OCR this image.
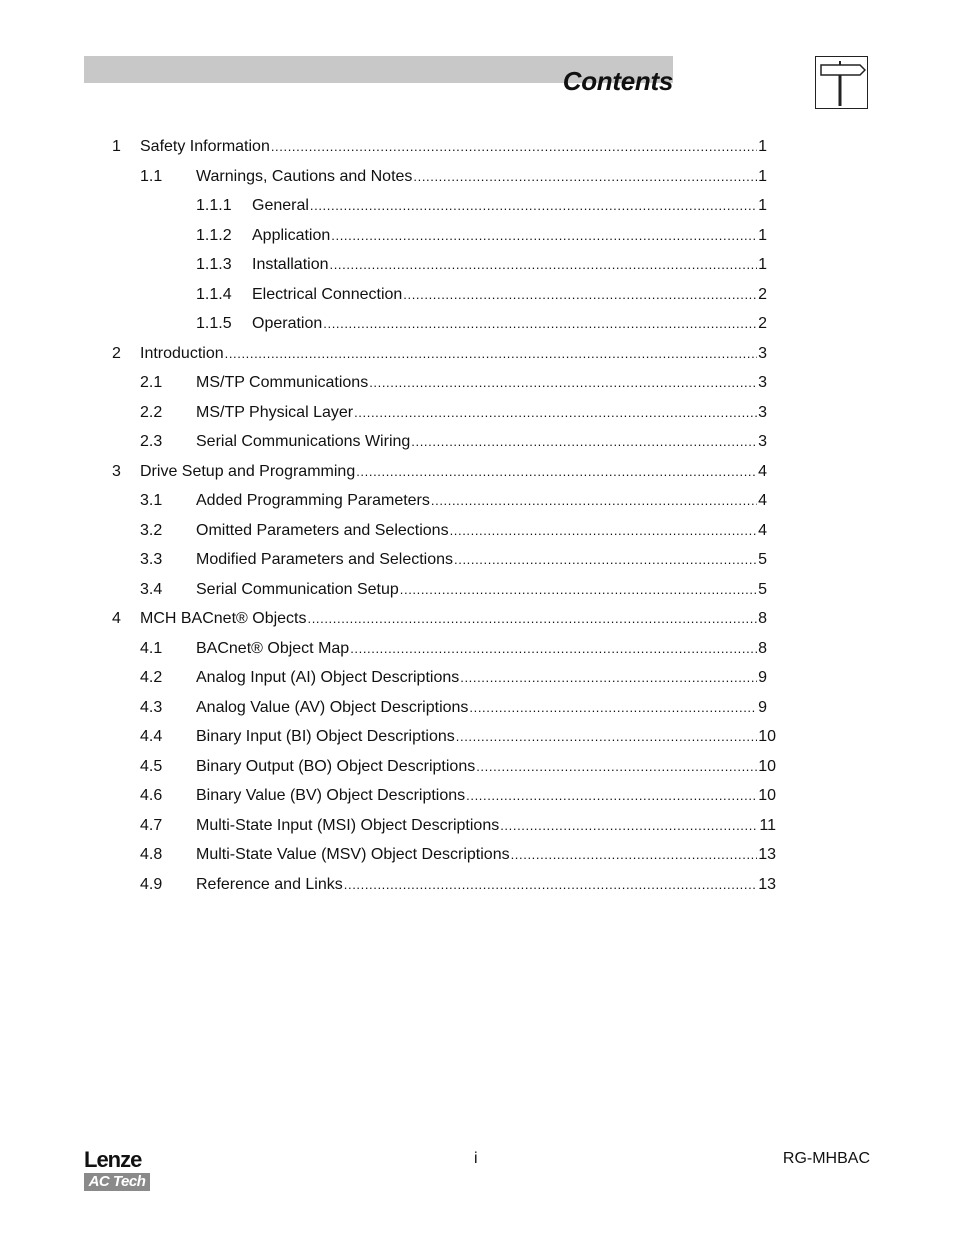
Contents
1 Safety Information .....	1
1.1 Warnings, Cautions and Notes .....	1
1.1.1 General .....	1
1.1.2 Application .....	1
1.1.3 Installation .....	1
1.1.4 Electrical Connection .....	2
1.1.5 Operation .....	2
2 Introduction .....	3
2.1 MS/TP Communications .....	3
2.2 MS/TP Physical Layer .....	3
2.3 Serial Communications Wiring .....	3
3 Drive Setup and Programming .....	4
3.1 Added Programming Parameters .....	4
3.2 Omitted Parameters and Selections .....	4
3.3 Modified Parameters and Selections .....	5
3.4 Serial Communication Setup .....	5
4 MCH BACnet® Objects .....	8
4.1 BACnet® Object Map .....	8
4.2 Analog Input (AI) Object Descriptions .....	9
4.3 Analog Value (AV) Object Descriptions .....	9
4.4 Binary Input (BI) Object Descriptions .....	10
4.5 Binary Output (BO) Object Descriptions .....	10
4.6 Binary Value (BV) Object Descriptions .....	10
4.7 Multi-State Input (MSI) Object Descriptions .....	11
4.8 Multi-State Value (MSV) Object Descriptions .....	13
4.9 Reference and Links .....	13
Lenze
AC Tech
i	RG-MHBAC
